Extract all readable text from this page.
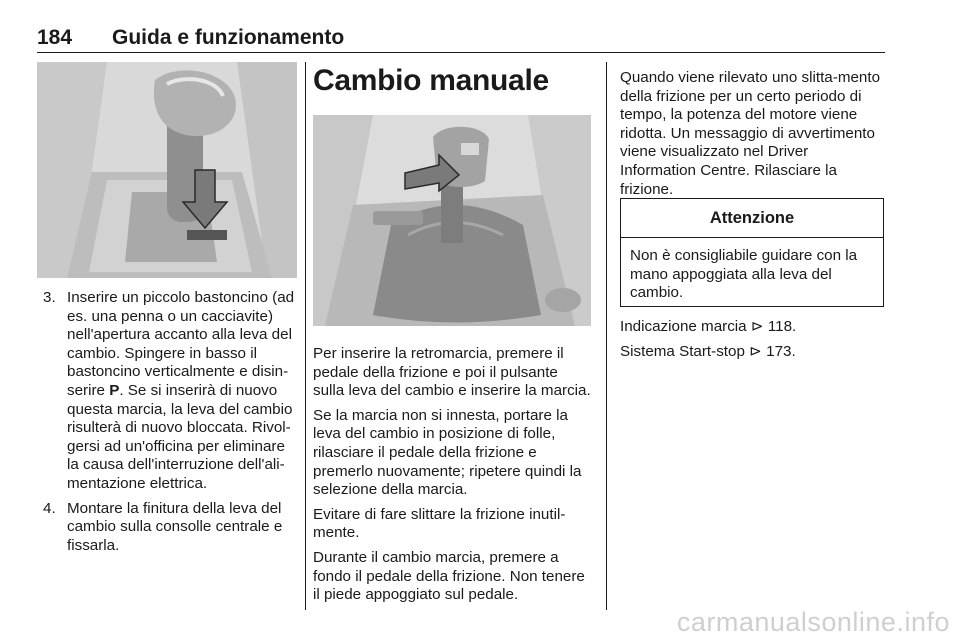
184 Guida e funzionamento
3. Inserire un piccolo bastoncino (ad es. una penna o un cacciavite) nell'apertura accanto alla leva del cambio. Spingere in basso il bastoncino verticalmente e disin-serire P. Se si inserirà di nuovo questa marcia, la leva del cambio risulterà di nuovo bloccata. Rivol-gersi ad un'officina per eliminare la causa dell'interruzione dell'ali-mentazione elettrica.
4. Montare la finitura della leva del cambio sulla consolle centrale e fissarla.
Cambio manuale

Per inserire la retromarcia, premere il pedale della frizione e poi il pulsante sulla leva del cambio e inserire la marcia.

Se la marcia non si innesta, portare la leva del cambio in posizione di folle, rilasciare il pedale della frizione e premerlo nuovamente; ripetere quindi la selezione della marcia.

Evitare di fare slittare la frizione inutil-mente.

Durante il cambio marcia, premere a fondo il pedale della frizione. Non tenere il piede appoggiato sul pedale.

Quando viene rilevato uno slitta-mento della frizione per un certo periodo di tempo, la potenza del motore viene ridotta. Un messaggio di avvertimento viene visualizzato nel Driver Information Centre. Rilasciare la frizione.

Attenzione
Non è consigliabile guidare con la mano appoggiata alla leva del cambio.

Indicazione marcia ⊳ 118.

Sistema Start-stop ⊳ 173.

carmanualsonline.info
